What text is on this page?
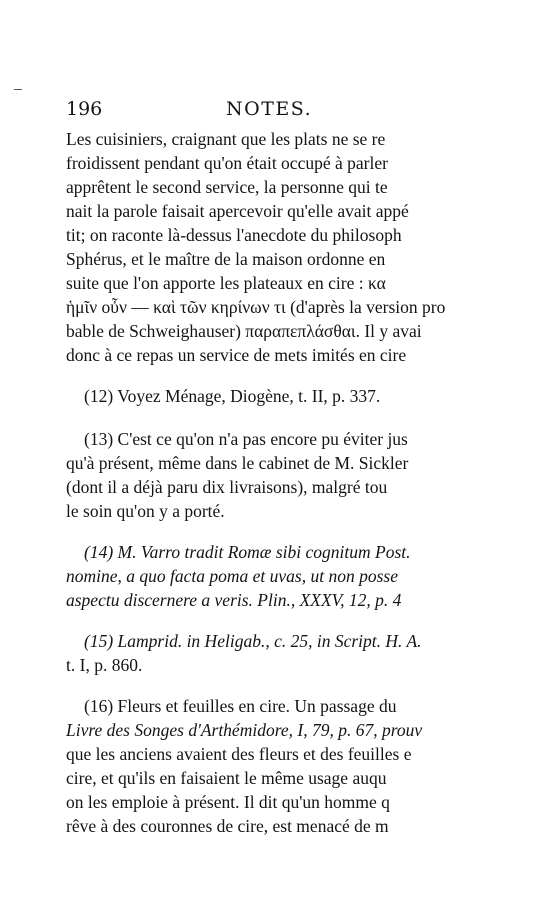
196	NOTES.
Les cuisiniers, craignant que les plats ne se re
froidissent pendant qu'on était occupé à parler
apprêtent le second service, la personne qui te
nait la parole faisait apercevoir qu'elle avait appé
tit; on raconte là-dessus l'anecdote du philosoph
Sphérus, et le maître de la maison ordonne en
suite que l'on apporte les plateaux en cire : κα
ἡμῖν οὖν — καὶ τῶν κηρίνων τι (d'après la version pro
bable de Schweighauser) παραπεπλάσθαι. Il y avai
donc à ce repas un service de mets imités en cire
(12) Voyez Ménage, Diogène, t. II, p. 337.
(13) C'est ce qu'on n'a pas encore pu éviter jus
qu'à présent, même dans le cabinet de M. Sickler
(dont il a déjà paru dix livraisons), malgré tou
le soin qu'on y a porté.
(14) M. Varro tradit Romæ sibi cognitum Post.
nomine, a quo facta poma et uvas, ut non posse
aspectu discernere a veris. Plin., XXXV, 12, p. 4
(15) Lamprid. in Heligab., c. 25, in Script. H. A.
t. I, p. 860.
(16) Fleurs et feuilles en cire. Un passage du
Livre des Songes d'Arthémidore, I, 79, p. 67, prouv
que les anciens avaient des fleurs et des feuilles e
cire, et qu'ils en faisaient le même usage auqu
on les emploie à présent. Il dit qu'un homme q
rêve à des couronnes de cire, est menacé de m
